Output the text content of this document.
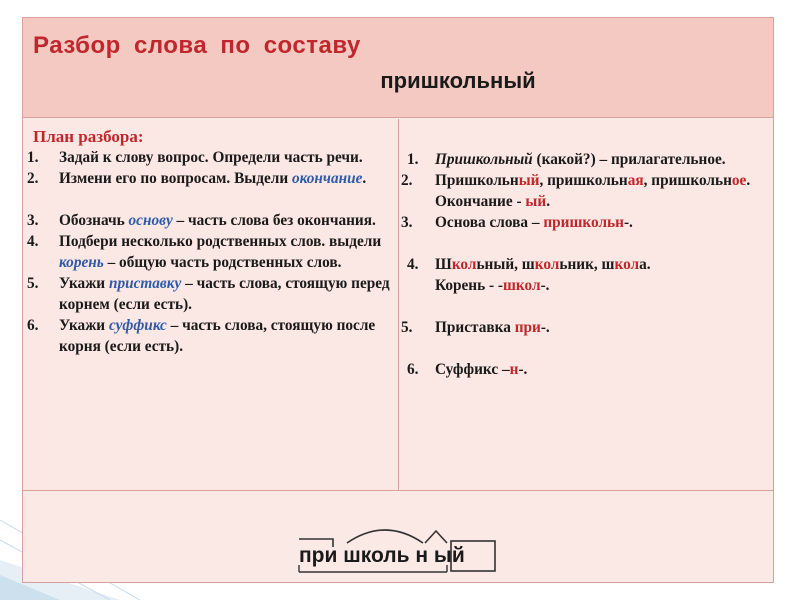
Разбор слова по составу
пришкольный
План разбора:
1. Задай к слову вопрос. Определи часть речи.
2. Измени его по вопросам. Выдели окончание.
3. Обозначь основу – часть слова без окончания.
4. Подбери несколько родственных слов. выдели корень – общую часть родственных слов.
5. Укажи приставку – часть слова, стоящую перед корнем (если есть).
6. Укажи суффикс – часть слова, стоящую после корня (если есть).
1. Пришкольный (какой?) – прилагательное.
2. Пришкольный, пришкольная, пришкольное.
Окончание - ый.
3. Основа слова – пришкольн-.
4. Школьный, школьник, школа.
Корень - -школ-.
5. Приставка при-.
6. Суффикс –н-.
при школь н ый
